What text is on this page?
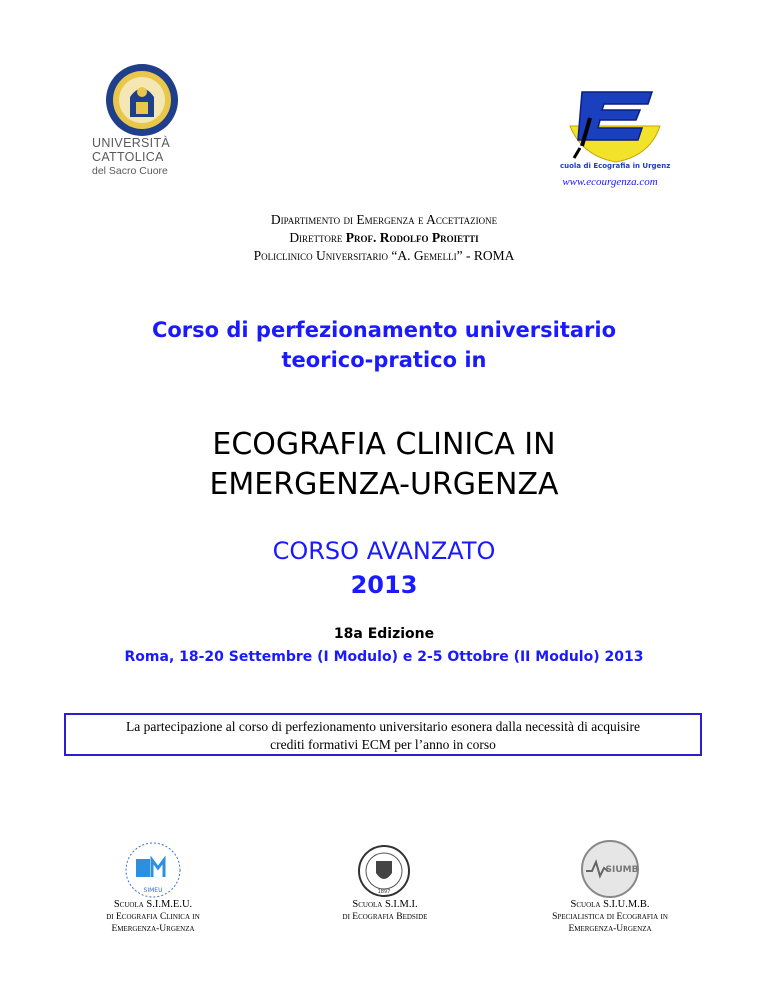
UNIVERSITÀ
CATTOLICA
del Sacro Cuore	Scuola di Ecografia in Urgenza
www.ecourgenza.com
Dipartimento di Emergenza e Accettazione
Direttore Prof. Rodolfo Proietti
Policlinico Universitario “A. Gemelli” - ROMA
Corso di perfezionamento universitario
teorico-pratico in
ECOGRAFIA CLINICA IN
EMERGENZA-URGENZA
CORSO AVANZATO
2013
18a Edizione
Roma, 18-20 Settembre (I Modulo) e 2-5 Ottobre (II Modulo) 2013
La partecipazione al corso di perfezionamento universitario esonera dalla necessità di acquisire
crediti formativi ECM per l’anno in corso
SIMEU
Scuola S.I.M.E.U.
di Ecografia Clinica in
Emergenza-Urgenza
1897
Scuola S.I.M.I.
di Ecografia Bedside
SIUMB
Scuola S.I.U.M.B.
Specialistica di Ecografia in
Emergenza-Urgenza
